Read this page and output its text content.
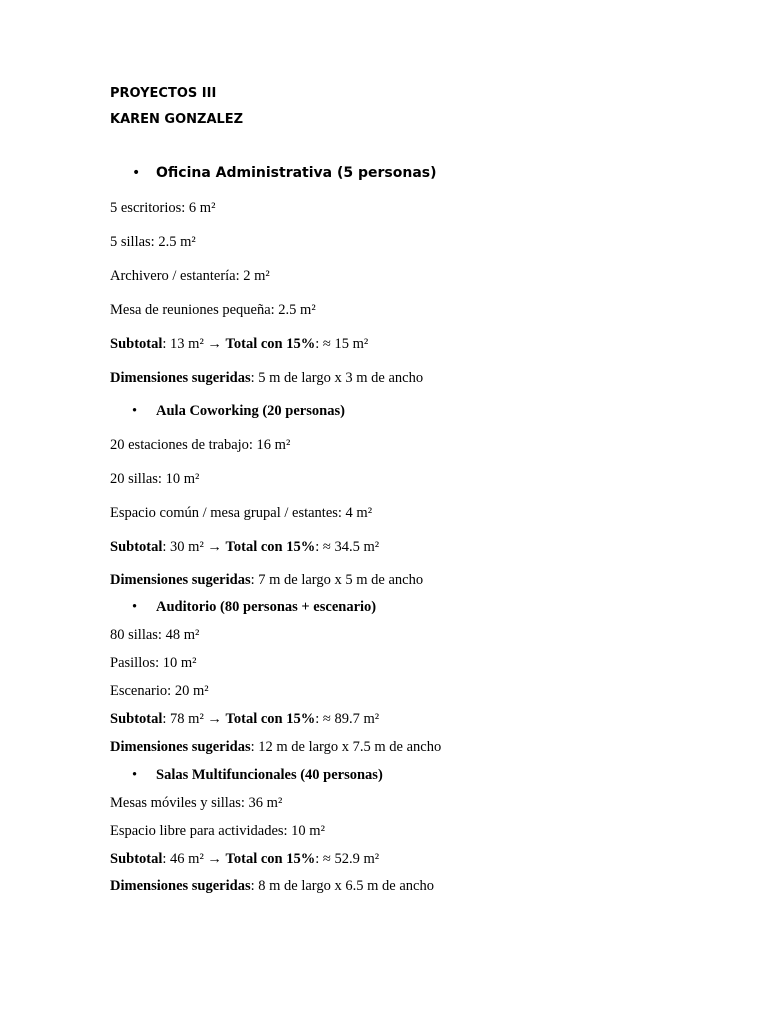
PROYECTOS III
KAREN GONZALEZ
• Oficina Administrativa (5 personas)
5 escritorios: 6 m²
5 sillas: 2.5 m²
Archivero / estantería: 2 m²
Mesa de reuniones pequeña: 2.5 m²
Subtotal: 13 m² → Total con 15%: ≈ 15 m²
Dimensiones sugeridas: 5 m de largo x 3 m de ancho
• Aula Coworking (20 personas)
20 estaciones de trabajo: 16 m²
20 sillas: 10 m²
Espacio común / mesa grupal / estantes: 4 m²
Subtotal: 30 m² → Total con 15%: ≈ 34.5 m²
Dimensiones sugeridas: 7 m de largo x 5 m de ancho
• Auditorio (80 personas + escenario)
80 sillas: 48 m²
Pasillos: 10 m²
Escenario: 20 m²
Subtotal: 78 m² → Total con 15%: ≈ 89.7 m²
Dimensiones sugeridas: 12 m de largo x 7.5 m de ancho
• Salas Multifuncionales (40 personas)
Mesas móviles y sillas: 36 m²
Espacio libre para actividades: 10 m²
Subtotal: 46 m² → Total con 15%: ≈ 52.9 m²
Dimensiones sugeridas: 8 m de largo x 6.5 m de ancho
